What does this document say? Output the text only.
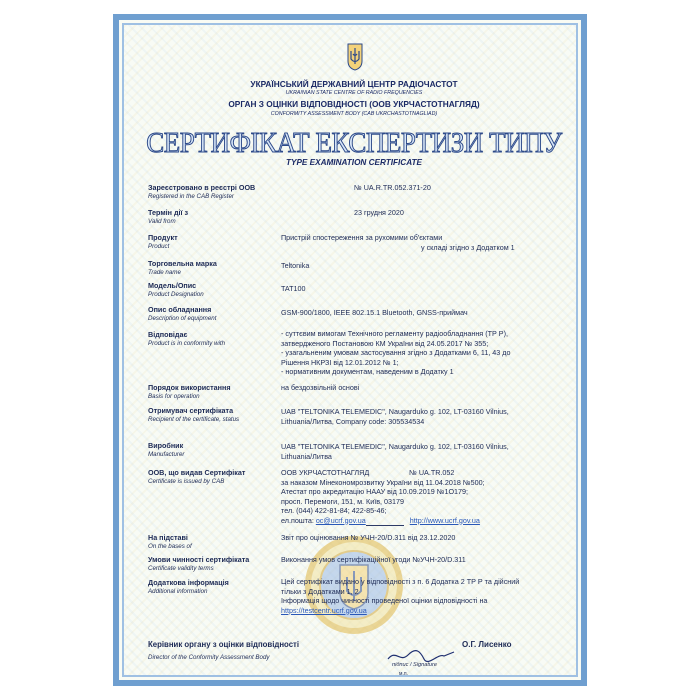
УКРАЇНСЬКИЙ ДЕРЖАВНИЙ ЦЕНТР РАДІОЧАСТОТ
UKRAINIAN STATE CENTRE OF RADIO FREQUENCIES
ОРГАН З ОЦІНКИ ВІДПОВІДНОСТІ (ООВ УКРЧАСТОТНАГЛЯД)
CONFORMITY ASSESSMENT BODY (CAB UKRCHASTOTNAGLIAD)
СЕРТИФІКАТ ЕКСПЕРТИЗИ ТИПУ
TYPE EXAMINATION CERTIFICATE
Зареєстровано в реєстрі ООВ
Registered in the CAB Register
№ UA.R.TR.052.371-20
Термін дії з
Valid from
23 грудня 2020
Продукт
Product
Пристрій спостереження за рухомими об'єктами
у складі згідно з Додатком 1
Торговельна марка
Trade name
Teltonika
Модель/Опис
Product Designation
TAT100
Опис обладнання
Description of equipment
GSM-900/1800, IEEE 802.15.1 Bluetooth, GNSS-приймач
Відповідає
Product is in conformity with
- суттєвим вимогам Технічного регламенту радіообладнання (ТР Р),
затвердженого Постановою КМ України від 24.05.2017 № 355;
- узагальненим умовам застосування згідно з Додатками 6, 11, 43 до
Рішення НКРЗІ від 12.01.2012 № 1;
- нормативним документам, наведеним в Додатку 1
Порядок використання
Basis for operation
на бездозвільній основі
Отримувач сертифіката
Recipient of the certificate, status
UAB "TELTONIKA TELEMEDIC", Naugarduko g. 102, LT-03160 Vilnius,
Lithuania/Литва, Company code: 305534534
Виробник
Manufacturer
UAB "TELTONIKA TELEMEDIC", Naugarduko g. 102, LT-03160 Vilnius,
Lithuania/Литва
ООВ, що видав Сертифікат
Certificate is issued by CAB
ООВ УКРЧАСТОТНАГЛЯД                    № UA.TR.052
за наказом Мінекономрозвитку України від 11.04.2018 №500;
Атестат про акредитацію НААУ від 10.09.2019 №1O179;
просп. Перемоги, 151, м. Київ, 03179
тел. (044) 422-81-84; 422-85-46;
ел.пошта: oc@ucrf.gov.ua	http://www.ucrf.gov.ua
На підставі
On the bases of
Звіт про оцінювання № УЧН-20/D.311 від 23.12.2020
Умови чинності сертифіката
Certificate validity terms
Виконання умов сертифікаційної угоди №УЧН-20/D.311
Додаткова інформація
Additional information
Цей сертифікат видано у відповідності з п. 6 Додатка 2 ТР Р та дійсний
тільки з Додатками 1, 2
Інформація щодо чинності проведеної оцінки відповідності на
https://testcentr.ucrf.gov.ua
Керівник органу з оцінки відповідності
Director of the Conformity Assessment Body
О.Г. Лисенко
підпис / Signature
м.п.
